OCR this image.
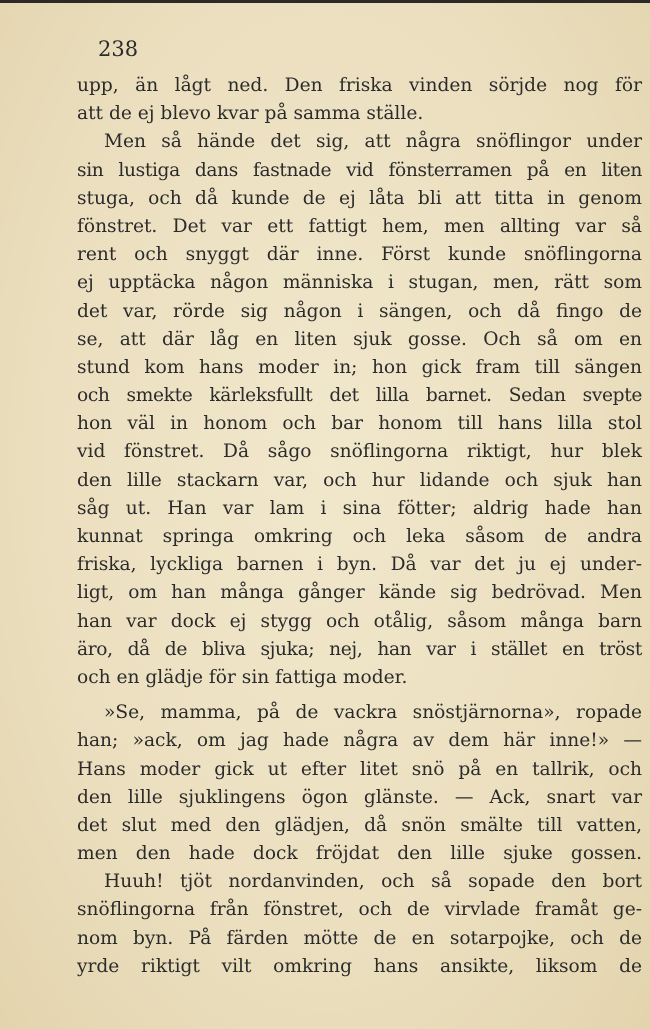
238
upp, än lågt ned. Den friska vinden sörjde nog för
att de ej blevo kvar på samma ställe.
Men så hände det sig, att några snöflingor under
sin lustiga dans fastnade vid fönsterramen på en liten
stuga, och då kunde de ej låta bli att titta in genom
fönstret. Det var ett fattigt hem, men allting var så
rent och snyggt där inne. Först kunde snöflingorna
ej upptäcka någon människa i stugan, men, rätt som
det var, rörde sig någon i sängen, och då fingo de
se, att där låg en liten sjuk gosse. Och så om en
stund kom hans moder in; hon gick fram till sängen
och smekte kärleksfullt det lilla barnet. Sedan svepte
hon väl in honom och bar honom till hans lilla stol
vid fönstret. Då sågo snöflingorna riktigt, hur blek
den lille stackarn var, och hur lidande och sjuk han
såg ut. Han var lam i sina fötter; aldrig hade han
kunnat springa omkring och leka såsom de andra
friska, lyckliga barnen i byn. Då var det ju ej under-
ligt, om han många gånger kände sig bedrövad. Men
han var dock ej stygg och otålig, såsom många barn
äro, då de bliva sjuka; nej, han var i stället en tröst
och en glädje för sin fattiga moder.
»Se, mamma, på de vackra snöstjärnorna», ropade
han; »ack, om jag hade några av dem här inne!» —
Hans moder gick ut efter litet snö på en tallrik, och
den lille sjuklingens ögon glänste. — Ack, snart var
det slut med den glädjen, då snön smälte till vatten,
men den hade dock fröjdat den lille sjuke gossen.
Huuh! tjöt nordanvinden, och så sopade den bort
snöflingorna från fönstret, och de virvlade framåt ge-
nom byn. På färden mötte de en sotarpojke, och de
yrde riktigt vilt omkring hans ansikte, liksom de
